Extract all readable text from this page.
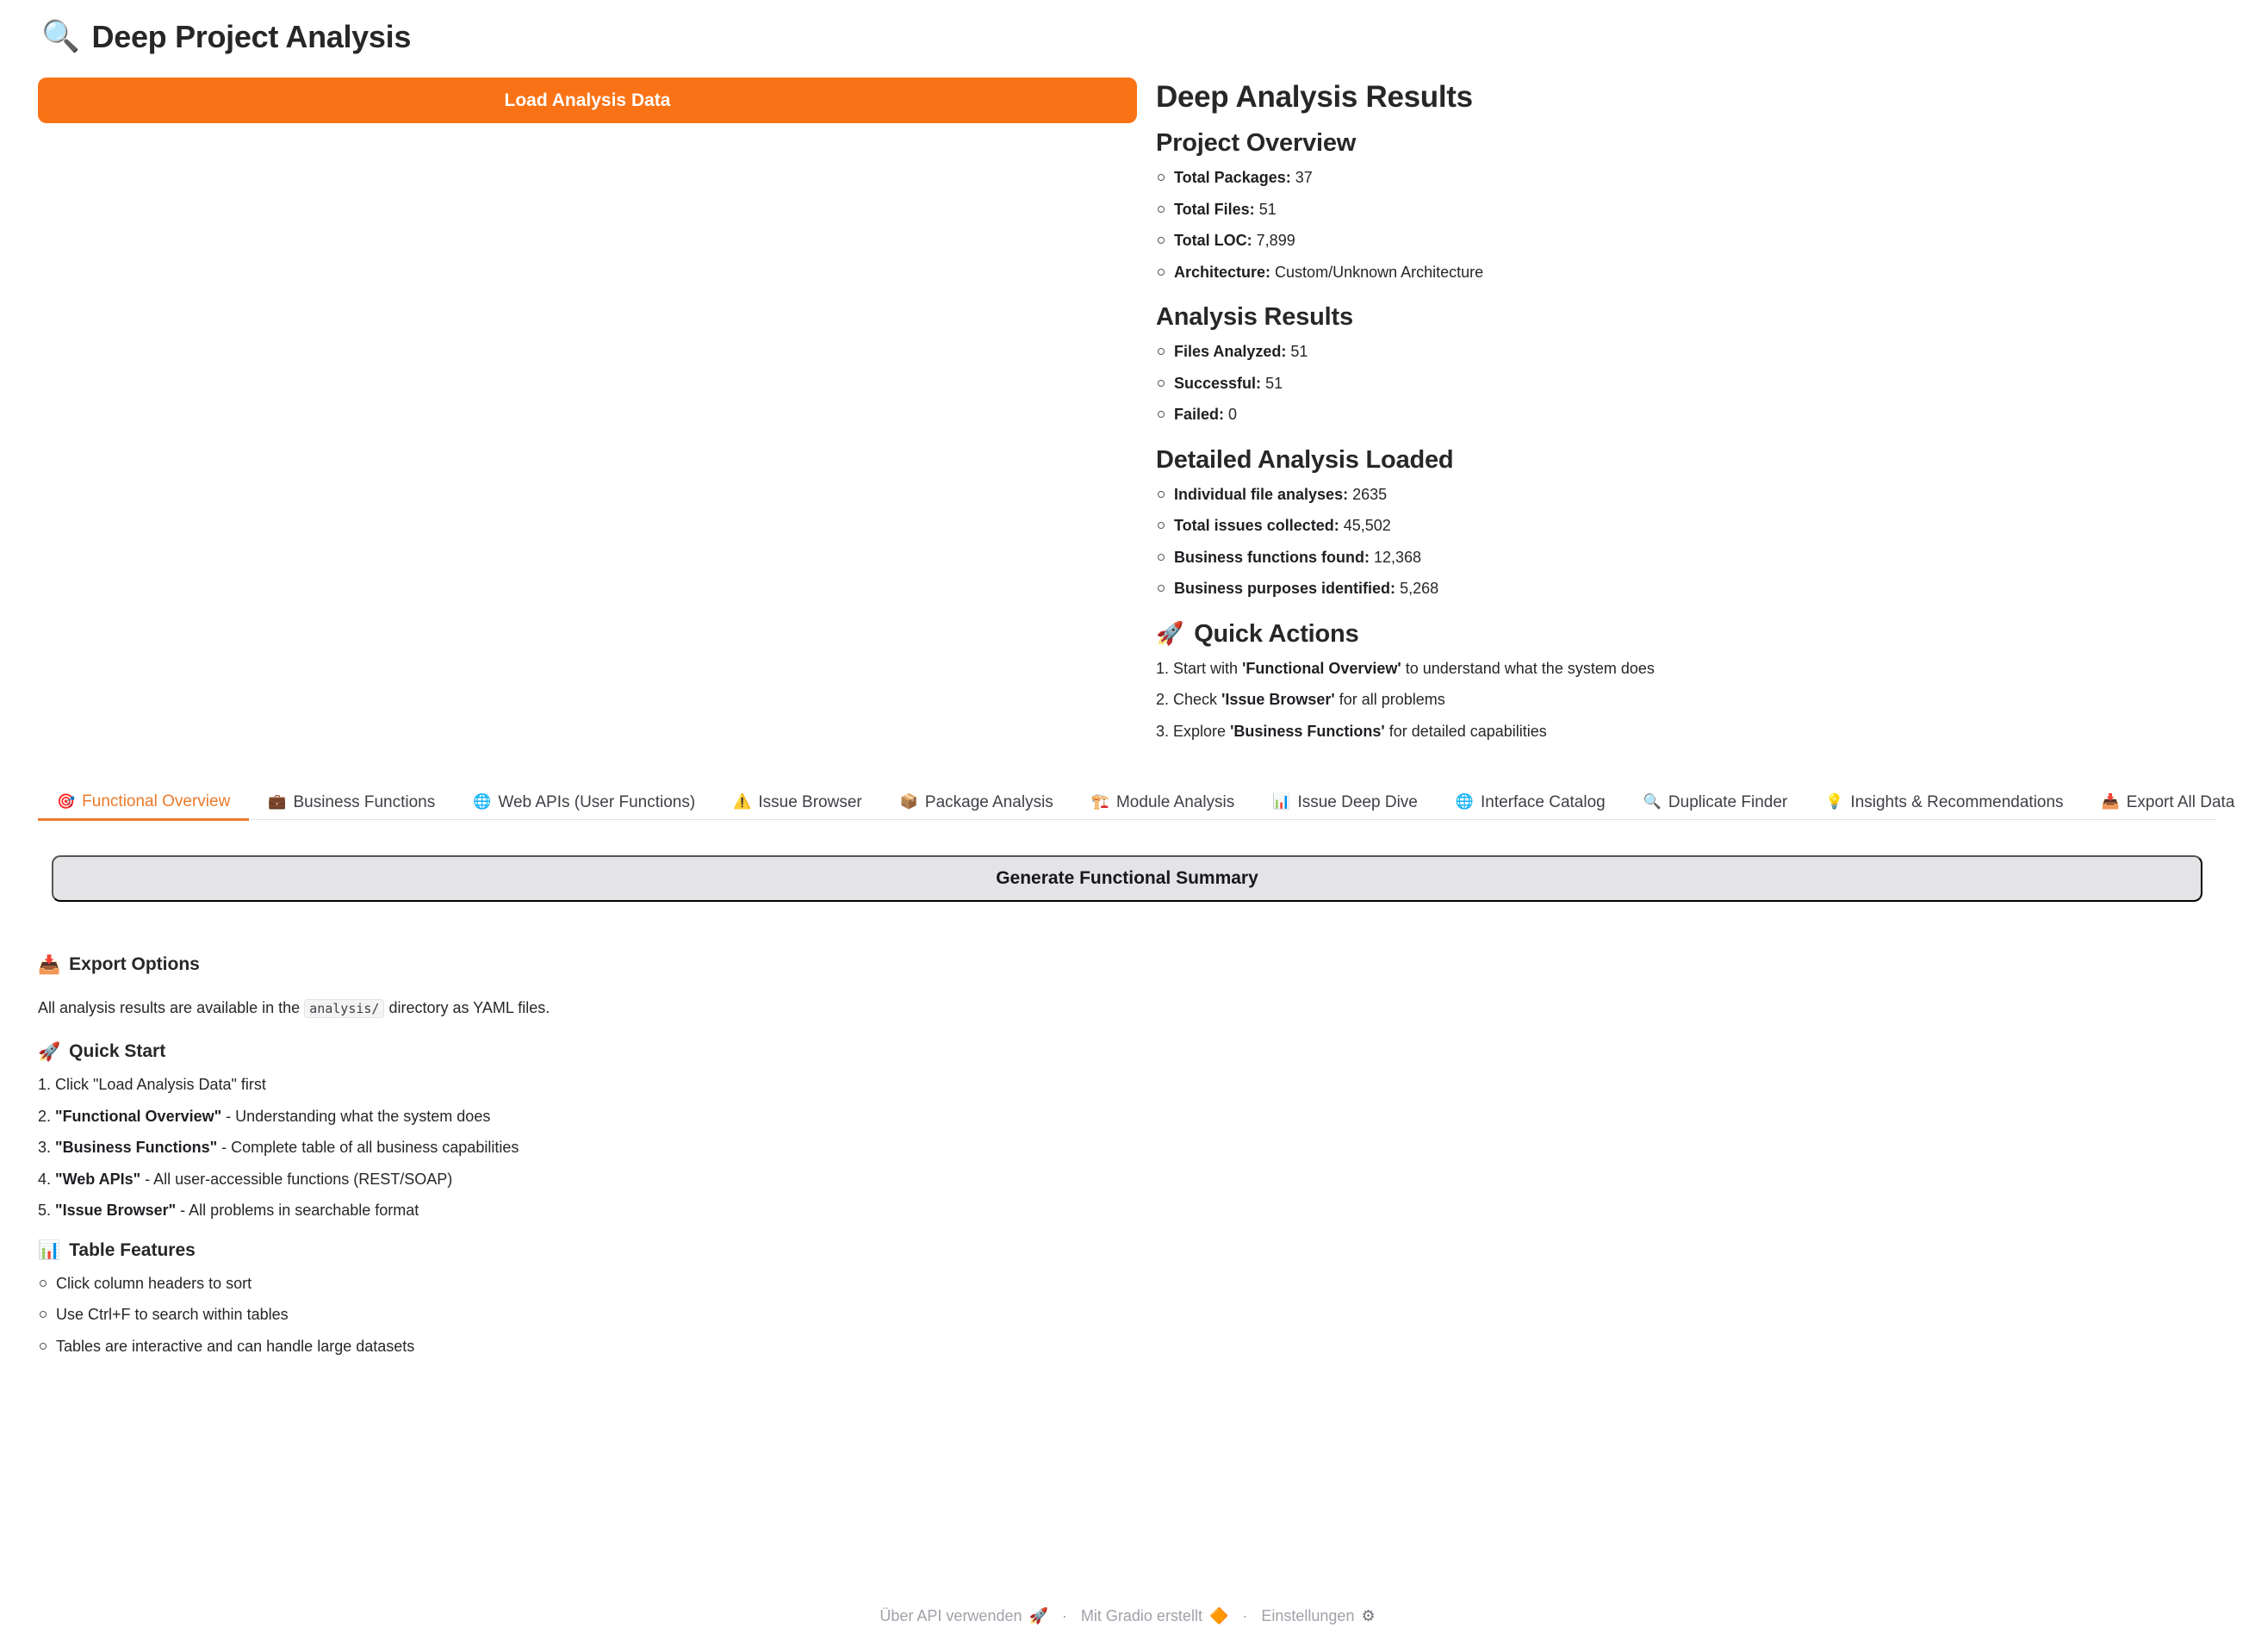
🔍 Deep Project Analysis
Load Analysis Data	Deep Analysis Results
Project Overview
Total Packages:
37
Total Files:
51
Total LOC:
7,899
Architecture:
Custom/Unknown Architecture
Analysis Results
Files Analyzed:
51
Successful:
51
Failed:
0
Detailed Analysis Loaded
Individual file analyses:
2635
Total issues collected:
45,502
Business functions found:
12,368
Business purposes identified:
5,268
🚀 Quick Actions
1.
Start with
'Functional Overview'
to understand what the system does
2.
Check
'Issue Browser'
for all problems
3.
Explore
'Business Functions'
for detailed capabilities
🎯 Functional Overview	💼 Business Functions	🌐 Web APIs (User Functions)	⚠️ Issue Browser	📦 Package Analysis	🏗️ Module Analysis	📊 Issue Deep Dive	🌐 Interface Catalog	🔍 Duplicate Finder	💡 Insights & Recommendations	📥 Export All Data
Generate Functional Summary
📥 Export Options

All analysis results are available in the analysis/ directory as YAML files.

🚀 Quick Start
1.
Click "Load Analysis Data" first
2.
"Functional Overview"
- Understanding what the system does
3.
"Business Functions"
- Complete table of all business capabilities
4.
"Web APIs"
- All user-accessible functions (REST/SOAP)
5.
"Issue Browser"
- All problems in searchable format
📊 Table Features
Click column headers to sort
Use Ctrl+F to search within tables
Tables are interactive and can handle large datasets
Über API verwenden 🚀 · Mit Gradio erstellt 🔶 · Einstellungen ⚙
